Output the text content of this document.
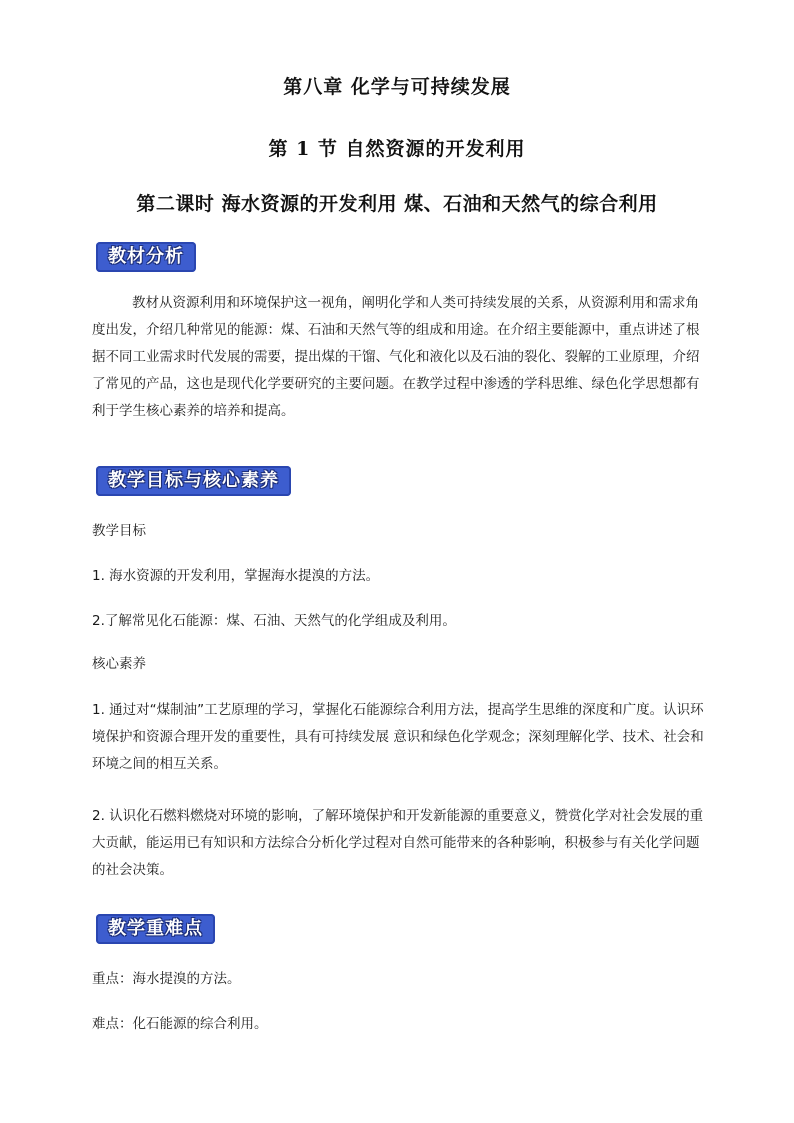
第八章 化学与可持续发展
第 1 节 自然资源的开发利用
第二课时 海水资源的开发利用 煤、石油和天然气的综合利用
教材分析
教材从资源利用和环境保护这一视角，阐明化学和人类可持续发展的关系，从资源利用和需求角度出发，介绍几种常见的能源：煤、石油和天然气等的组成和用途。在介绍主要能源中，重点讲述了根据不同工业需求时代发展的需要，提出煤的干馏、气化和液化以及石油的裂化、裂解的工业原理，介绍了常见的产品，这也是现代化学要研究的主要问题。在教学过程中渗透的学科思维、绿色化学思想都有利于学生核心素养的培养和提高。
教学目标与核心素养
教学目标
1. 海水资源的开发利用，掌握海水提溴的方法。
2.了解常见化石能源：煤、石油、天然气的化学组成及利用。
核心素养
1. 通过对“煤制油”工艺原理的学习，掌握化石能源综合利用方法，提高学生思维的深度和广度。认识环境保护和资源合理开发的重要性，具有可持续发展 意识和绿色化学观念；深刻理解化学、技术、社会和环境之间的相互关系。
2. 认识化石燃料燃烧对环境的影响，了解环境保护和开发新能源的重要意义，赞赏化学对社会发展的重大贡献，能运用已有知识和方法综合分析化学过程对自然可能带来的各种影响，积极参与有关化学问题的社会决策。
教学重难点
重点：海水提溴的方法。
难点：化石能源的综合利用。
